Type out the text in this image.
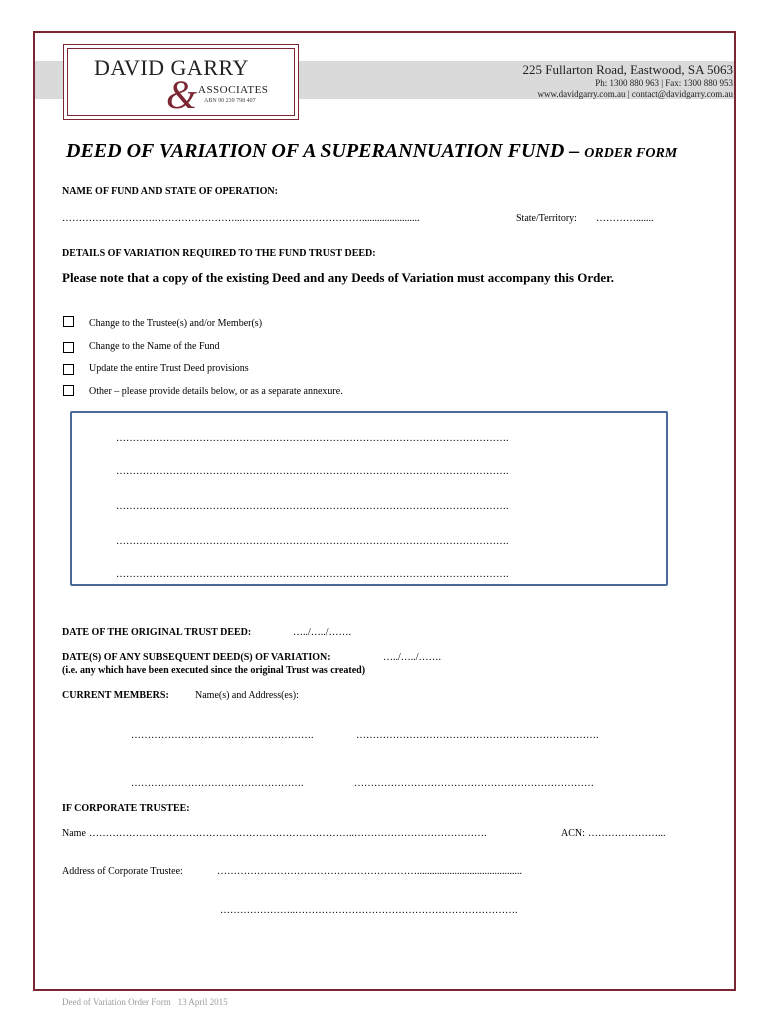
DAVID GARRY
& ASSOCIATES
ABN 90 239 798 407
225 Fullarton Road, Eastwood, SA 5063
Ph: 1300 880 963 | Fax: 1300 880 953
www.davidgarry.com.au | contact@davidgarry.com.au
DEED OF VARIATION OF A SUPERANNUATION FUND – ORDER FORM
NAME OF FUND AND STATE OF OPERATION:
……………………….……………………...……………………………….......................	State/Territory: ………….......
DETAILS OF VARIATION REQUIRED TO THE FUND TRUST DEED:
Please note that a copy of the existing Deed and any Deeds of Variation must accompany this Order.
Change to the Trustee(s) and/or Member(s)
Change to the Name of the Fund
Update the entire Trust Deed provisions
Other – please provide details below, or as a separate annexure.
……………………………………………………………………………………………………….
……………………………………………………………………………………………………….
……………………………………………………………………………………………………….
……………………………………………………………………………………………………….
……………………………………………………………………………………………………….
DATE OF THE ORIGINAL TRUST DEED:	…../…../…….
DATE(S) OF ANY SUBSEQUENT DEED(S) OF VARIATION:	…../…../…….
(i.e. any which have been executed since the original Trust was created)
CURRENT MEMBERS:	Name(s) and Address(es):
……………………………………………….	……………………………………………………………….
…………………………………………….	………………………………………………………………
IF CORPORATE TRUSTEE:
Name ……………………………………………………………………..………………………………….	ACN: …………………...
Address of Corporate Trustee:	……………………………………………………..........................................
…………………..………………………………………………………….
Deed of Variation Order Form 13 April 2015
